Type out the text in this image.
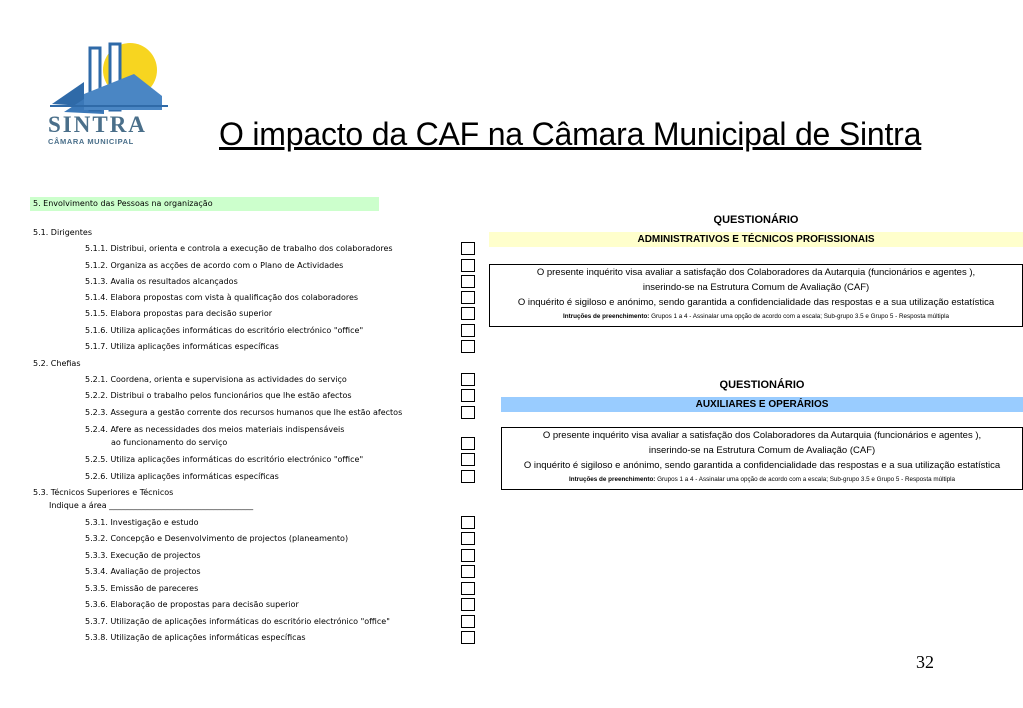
SINTRA
CÂMARA MUNICIPAL	O impacto da CAF na Câmara Municipal de Sintra
5. Envolvimento das Pessoas na organização
5.1. Dirigentes
5.1.1. Distribui, orienta e controla a execução de trabalho dos colaboradores
5.1.2. Organiza as acções de acordo com o Plano de Actividades
5.1.3. Avalia os resultados alcançados
5.1.4. Elabora propostas com vista à qualificação dos colaboradores
5.1.5. Elabora propostas para decisão superior
5.1.6. Utiliza aplicações informáticas do escritório electrónico "office"
5.1.7. Utiliza aplicações informáticas específicas
5.2. Chefias
5.2.1. Coordena, orienta e supervisiona as actividades do serviço
5.2.2. Distribui o trabalho pelos funcionários que lhe estão afectos
5.2.3. Assegura a gestão corrente dos recursos humanos que lhe estão afectos
5.2.4. Afere as necessidades dos meios materiais indispensáveis
ao funcionamento do serviço
5.2.5. Utiliza aplicações informáticas do escritório electrónico "office"
5.2.6. Utiliza aplicações informáticas específicas
5.3. Técnicos Superiores e Técnicos
Indique a área ____________________________________
5.3.1. Investigação e estudo
5.3.2. Concepção e Desenvolvimento de projectos (planeamento)
5.3.3. Execução de projectos
5.3.4. Avaliação de projectos
5.3.5. Emissão de pareceres
5.3.6. Elaboração de propostas para decisão superior
5.3.7. Utilização de aplicações informáticas do escritório electrónico "office"
5.3.8. Utilização de aplicações informáticas específicas
QUESTIONÁRIO
ADMINISTRATIVOS E TÉCNICOS PROFISSIONAIS
O presente inquérito visa avaliar a satisfação dos Colaboradores da Autarquia (funcionários e agentes ),
inserindo-se na Estrutura Comum de Avaliação (CAF)
O inquérito é sigiloso e anónimo, sendo garantida a confidencialidade das respostas e a sua utilização estatística
Intruções de preenchimento: Grupos 1 a 4 - Assinalar uma opção de acordo com a escala; Sub-grupo 3.5 e Grupo 5 - Resposta múltipla
QUESTIONÁRIO
AUXILIARES E OPERÁRIOS
O presente inquérito visa avaliar a satisfação dos Colaboradores da Autarquia (funcionários e agentes ),
inserindo-se na Estrutura Comum de Avaliação (CAF)
O inquérito é sigiloso e anónimo, sendo garantida a confidencialidade das respostas e a sua utilização estatística
Intruções de preenchimento: Grupos 1 a 4 - Assinalar uma opção de acordo com a escala; Sub-grupo 3.5 e Grupo 5 - Resposta múltipla
32
